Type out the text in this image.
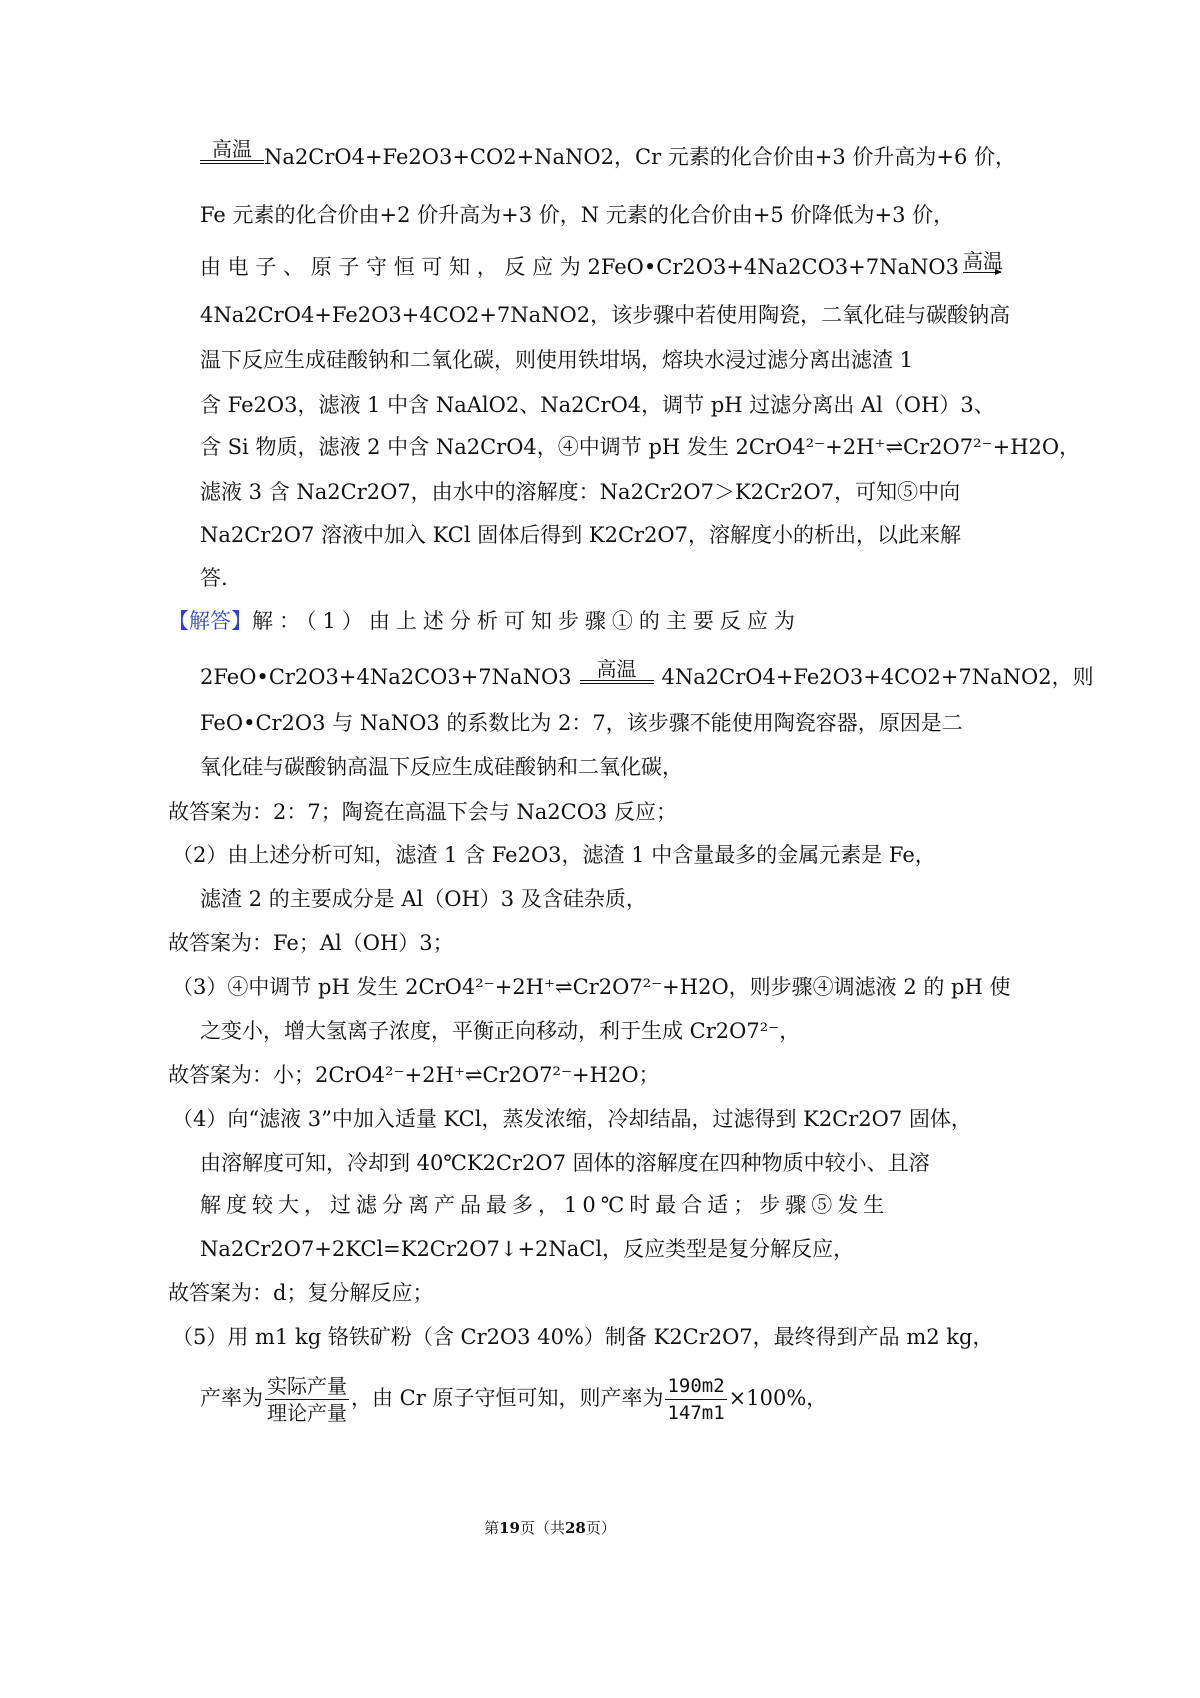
高温 Na2CrO4+Fe2O3+CO2+NaNO2，Cr 元素的化合价由+3 价升高为+6 价，
Fe 元素的化合价由+2 价升高为+3 价，N 元素的化合价由+5 价降低为+3 价，
由 电 子 、 原 子 守 恒 可 知 ， 反 应 为 2FeO•Cr2O3+4Na2CO3+7NaNO3 高温
4Na2CrO4+Fe2O3+4CO2+7NaNO2，该步骤中若使用陶瓷，二氧化硅与碳酸钠高
温下反应生成硅酸钠和二氧化碳，则使用铁坩埚，熔块水浸过滤分离出滤渣 1
含 Fe2O3，滤液 1 中含 NaAlO2、Na2CrO4，调节 pH 过滤分离出 Al（OH）3、
含 Si 物质，滤液 2 中含 Na2CrO4，④中调节 pH 发生 2CrO4²⁻+2H⁺⇌Cr2O7²⁻+H2O，
滤液 3 含 Na2Cr2O7，由水中的溶解度：Na2Cr2O7＞K2Cr2O7，可知⑤中向
Na2Cr2O7 溶液中加入 KCl 固体后得到 K2Cr2O7，溶解度小的析出，以此来解
答.
【解答】解：（1）由上述分析可知步骤①的主要反应为
2FeO•Cr2O3+4Na2CO3+7NaNO3	高温	4Na2CrO4+Fe2O3+4CO2+7NaNO2，则
FeO•Cr2O3 与 NaNO3 的系数比为 2：7，该步骤不能使用陶瓷容器，原因是二
氧化硅与碳酸钠高温下反应生成硅酸钠和二氧化碳，
故答案为：2：7；陶瓷在高温下会与 Na2CO3 反应；
（2）由上述分析可知，滤渣 1 含 Fe2O3，滤渣 1 中含量最多的金属元素是 Fe，
滤渣 2 的主要成分是 Al（OH）3 及含硅杂质，
故答案为：Fe；Al（OH）3；
（3）④中调节 pH 发生 2CrO4²⁻+2H⁺⇌Cr2O7²⁻+H2O，则步骤④调滤液 2 的 pH 使
之变小，增大氢离子浓度，平衡正向移动，利于生成 Cr2O7²⁻，
故答案为：小；2CrO4²⁻+2H⁺⇌Cr2O7²⁻+H2O；
（4）向“滤液 3”中加入适量 KCl，蒸发浓缩，冷却结晶，过滤得到 K2Cr2O7 固体，
由溶解度可知，冷却到 40℃K2Cr2O7 固体的溶解度在四种物质中较小、且溶
解度较大，过滤分离产品最多，10℃时最合适；步骤⑤发生
Na2Cr2O7+2KCl=K2Cr2O7↓+2NaCl，反应类型是复分解反应，
故答案为：d；复分解反应；
（5）用 m1 kg 铬铁矿粉（含 Cr2O3 40%）制备 K2Cr2O7，最终得到产品 m2 kg，
产率为 $\frac{\text{实际产量}}{\text{理论产量}}$ ，由 Cr 原子守恒可知，则产率为 $\frac{190m2}{147m1} \times 100\%$，
第19页（共28页）
